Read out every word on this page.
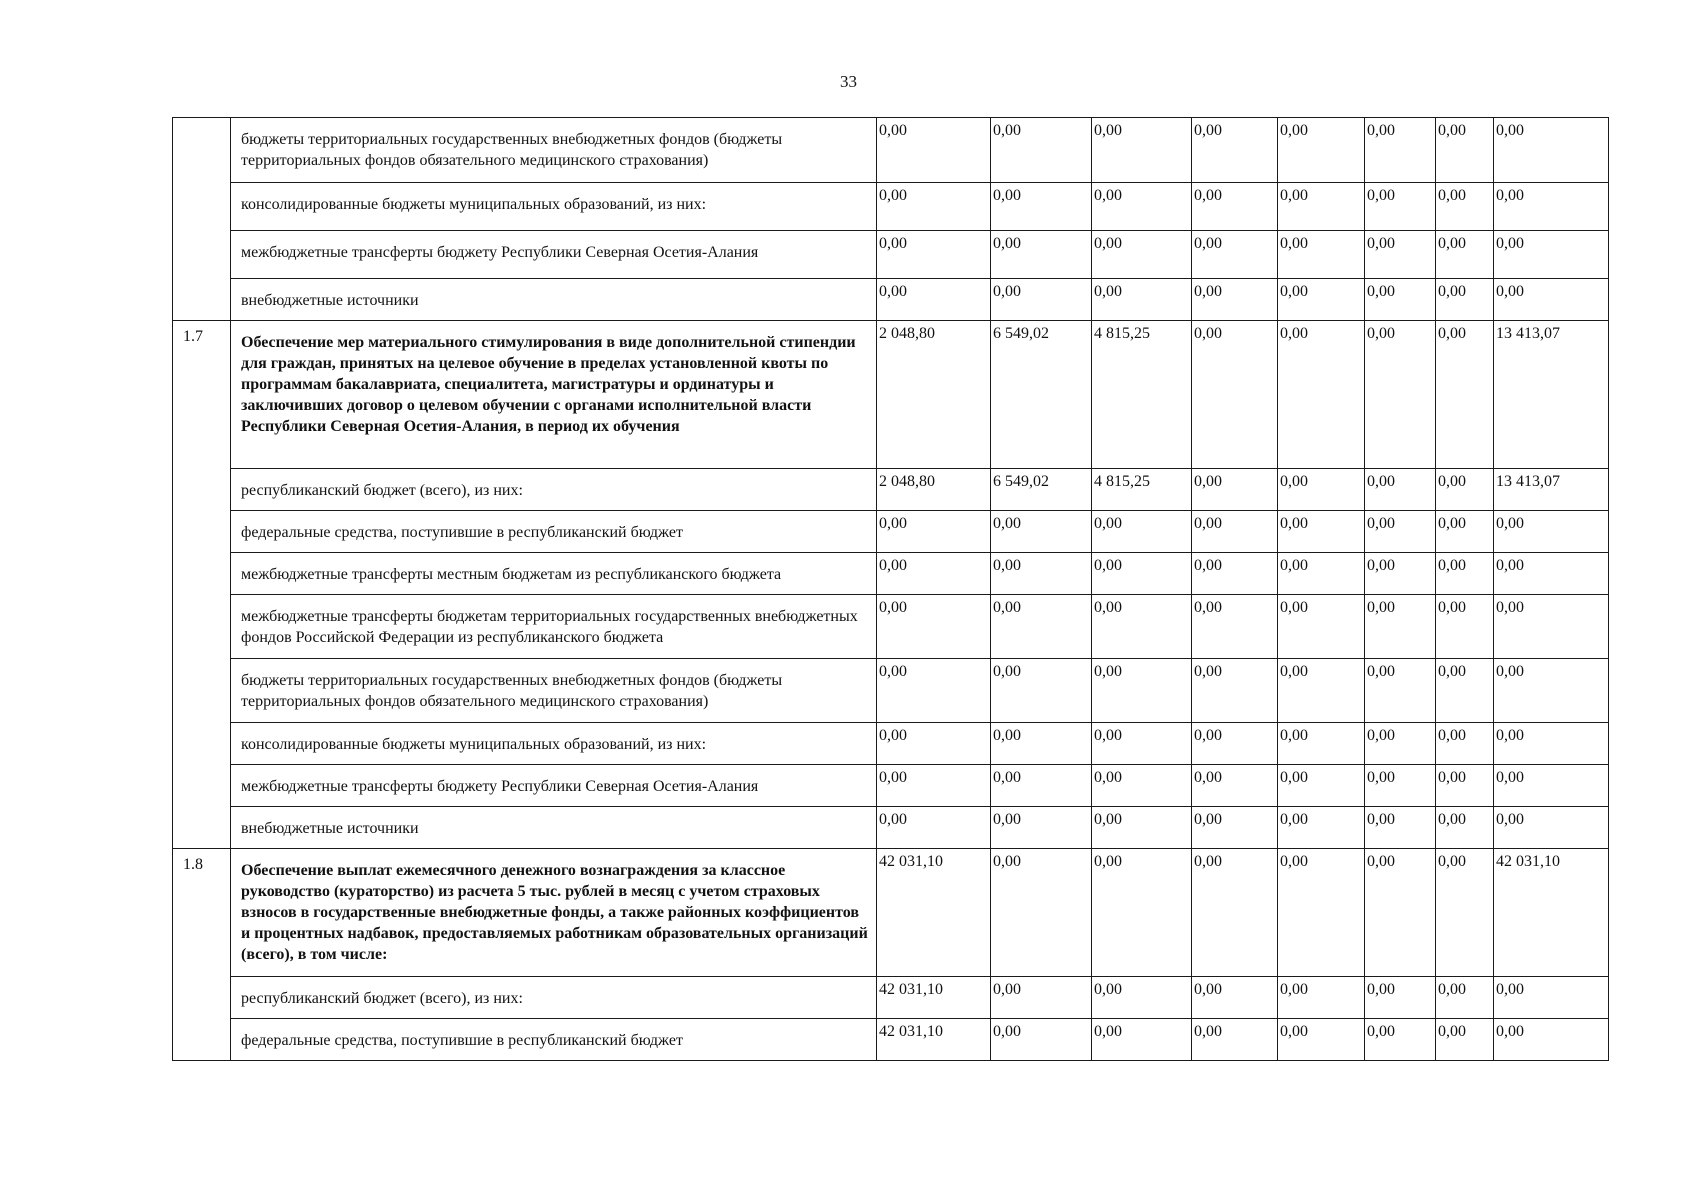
33
	бюджеты территориальных государственных внебюджетных фондов (бюджеты территориальных фондов обязательного медицинского страхования)	0,00	0,00	0,00	0,00	0,00	0,00	0,00	0,00
	консолидированные бюджеты муниципальных образований, из них:	0,00	0,00	0,00	0,00	0,00	0,00	0,00	0,00
	межбюджетные трансферты бюджету Республики Северная Осетия-Алания	0,00	0,00	0,00	0,00	0,00	0,00	0,00	0,00
	внебюджетные источники	0,00	0,00	0,00	0,00	0,00	0,00	0,00	0,00
1.7	Обеспечение мер материального стимулирования в виде дополнительной стипендии для граждан, принятых на целевое обучение в пределах установленной квоты по программам бакалавриата, специалитета, магистратуры и ординатуры и заключивших договор о целевом обучении с органами исполнительной власти Республики Северная Осетия-Алания, в период их обучения	2 048,80	6 549,02	4 815,25	0,00	0,00	0,00	0,00	13 413,07
	республиканский бюджет (всего), из них:	2 048,80	6 549,02	4 815,25	0,00	0,00	0,00	0,00	13 413,07
	федеральные средства, поступившие в республиканский бюджет	0,00	0,00	0,00	0,00	0,00	0,00	0,00	0,00
	межбюджетные трансферты местным бюджетам из республиканского бюджета	0,00	0,00	0,00	0,00	0,00	0,00	0,00	0,00
	межбюджетные трансферты бюджетам территориальных государственных внебюджетных фондов Российской Федерации из республиканского бюджета	0,00	0,00	0,00	0,00	0,00	0,00	0,00	0,00
	бюджеты территориальных государственных внебюджетных фондов (бюджеты территориальных фондов обязательного медицинского страхования)	0,00	0,00	0,00	0,00	0,00	0,00	0,00	0,00
	консолидированные бюджеты муниципальных образований, из них:	0,00	0,00	0,00	0,00	0,00	0,00	0,00	0,00
	межбюджетные трансферты бюджету Республики Северная Осетия-Алания	0,00	0,00	0,00	0,00	0,00	0,00	0,00	0,00
	внебюджетные источники	0,00	0,00	0,00	0,00	0,00	0,00	0,00	0,00
1.8	Обеспечение выплат ежемесячного денежного вознаграждения за классное руководство (кураторство) из расчета 5 тыс. рублей в месяц с учетом страховых взносов в государственные внебюджетные фонды, а также районных коэффициентов и процентных надбавок, предоставляемых работникам образовательных организаций (всего), в том числе:	42 031,10	0,00	0,00	0,00	0,00	0,00	0,00	42 031,10
	республиканский бюджет (всего), из них:	42 031,10	0,00	0,00	0,00	0,00	0,00	0,00	0,00
	федеральные средства, поступившие в республиканский бюджет	42 031,10	0,00	0,00	0,00	0,00	0,00	0,00	0,00
